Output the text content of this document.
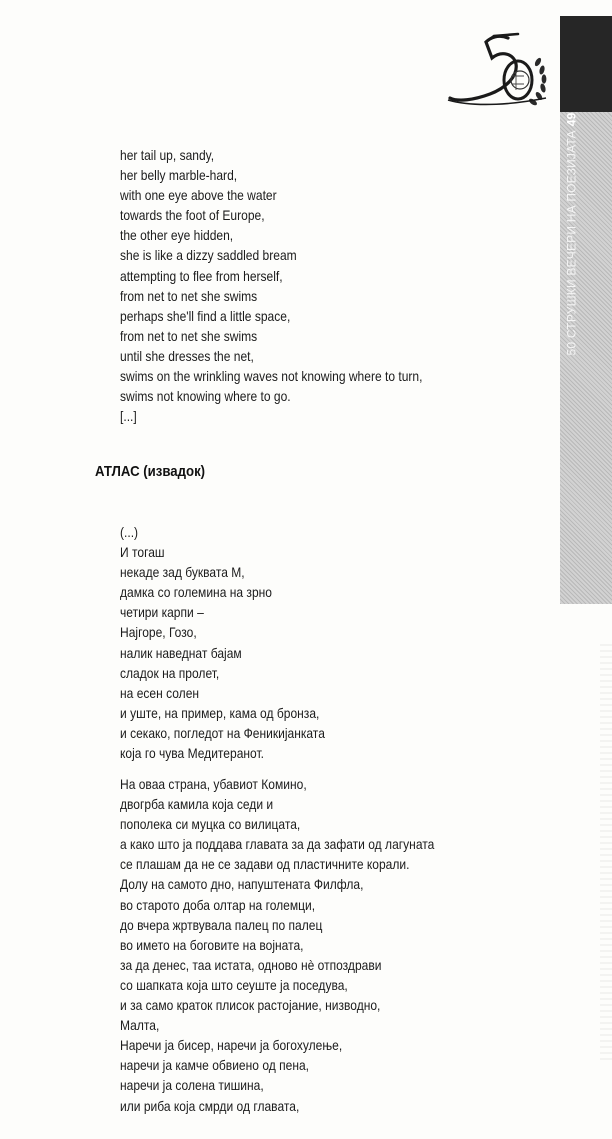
50 СТРУШКИ ВЕЧЕРИ НА ПОЕЗИЈАТА49
her tail up, sandy,
her belly marble-hard,
with one eye above the water
towards the foot of Europe,
the other eye hidden,
she is like a dizzy saddled bream
attempting to flee from herself,
from net to net she swims
perhaps she'll find a little space,
from net to net she swims
until she dresses the net,
swims on the wrinkling waves not knowing where to turn,
swims not knowing where to go.
[...]
АТЛАС (извадок)
(...)
И тогаш
некаде зад буквата М,
дамка со големина на зрно
четири карпи –
Најгоре, Гозо,
налик наведнат бајам
сладок на пролет,
на есен солен
и уште, на пример, кама од бронза,
и секако, погледот на Феникијанката
која го чува Медитеранот.
На оваа страна, убавиот Комино,
двогрба камила која седи и
пополека си муцка со вилицата,
а како што ја поддава главата за да зафати од лагуната
се плашам да не се задави од пластичните корали.
Долу на самото дно, напуштената Филфла,
во старото доба олтар на големци,
до вчера жртвувала палец по палец
во името на боговите на војната,
за да денес, таа истата, одново нè отпоздрави
со шапката која што сеуште ја поседува,
и за само краток плисок растојание, низводно,
Малта,
Наречи ја бисер, наречи ја богохулење,
наречи ја камче обвиено од пена,
наречи ја солена тишина,
или риба која смрди од главата,
